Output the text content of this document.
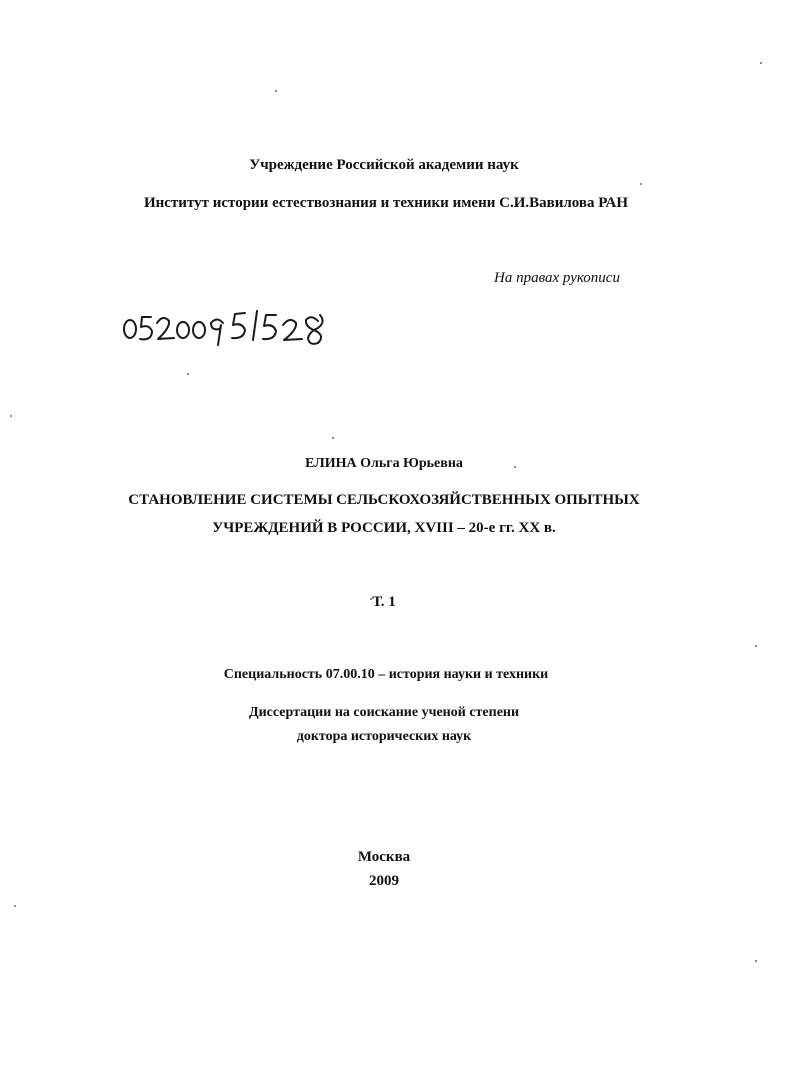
Учреждение Российской академии наук
Институт истории естествознания и техники имени С.И.Вавилова РАН
На правах рукописи
ЕЛИНА Ольга Юрьевна
СТАНОВЛЕНИЕ СИСТЕМЫ СЕЛЬСКОХОЗЯЙСТВЕННЫХ ОПЫТНЫХ
УЧРЕЖДЕНИЙ В РОССИИ, XVIII – 20-е гг. XX в.
Т. 1
Специальность 07.00.10 – история науки и техники
Диссертации на соискание ученой степени
доктора исторических наук
Москва
2009
